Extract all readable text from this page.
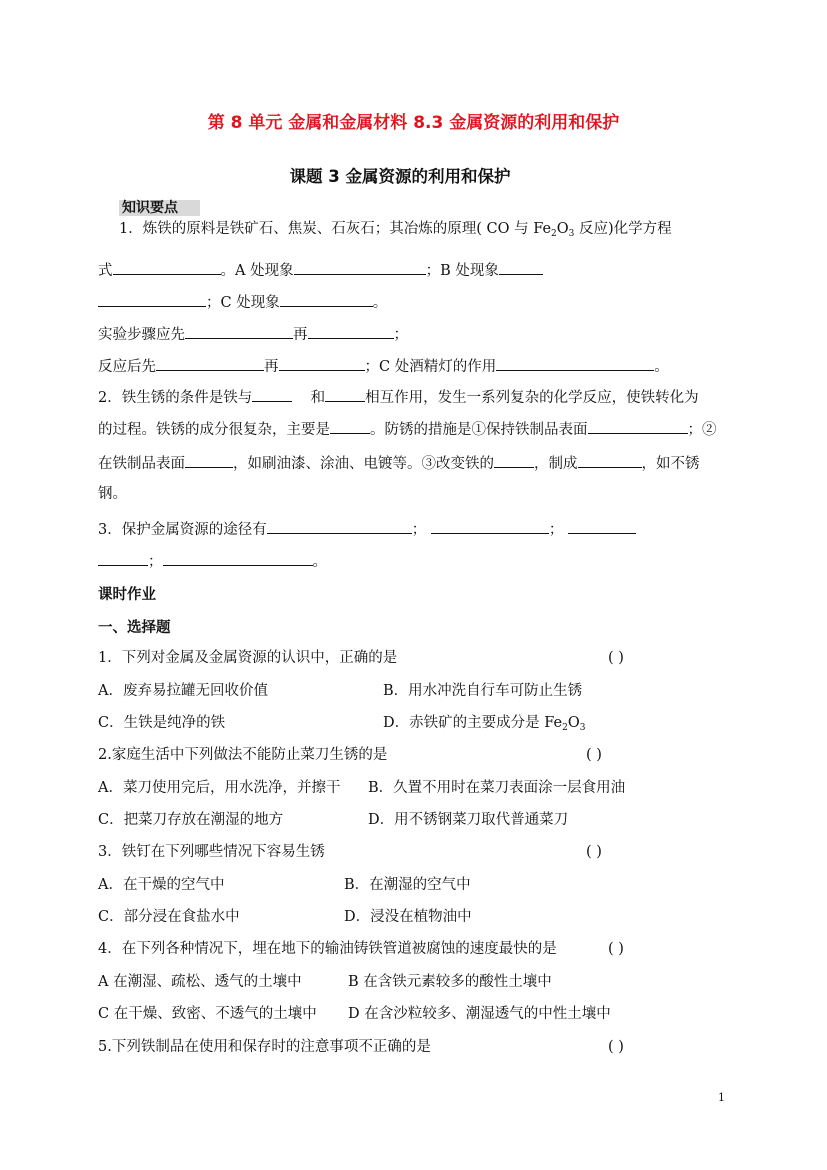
第 8 单元 金属和金属材料 8.3 金属资源的利用和保护
课题 3 金属资源的利用和保护
知识要点
1．炼铁的原料是铁矿石、焦炭、石灰石；其冶炼的原理( CO 与 $Fe_2O_3$ 反应)化学方程
式	。A 处现象	；B 处现象
；C 处现象	。
实验步骤应先	再	；
反应后先	再	；C 处酒精灯的作用	。
2．铁生锈的条件是铁与	和	相互作用，发生一系列复杂的化学反应，使铁转化为
的过程。铁锈的成分很复杂，主要是	。防锈的措施是①保持铁制品表面	；②
在铁制品表面	，如刷油漆、涂油、电镀等。③改变铁的	，制成	，如不锈
钢。
3．保护金属资源的途径有	；	；
；	。
课时作业
一、选择题
1．下列对金属及金属资源的认识中，正确的是	( )
A．废弃易拉罐无回收价值	B．用水冲洗自行车可防止生锈
C．生铁是纯净的铁	D．赤铁矿的主要成分是 $Fe_2O_3$
2.家庭生活中下列做法不能防止菜刀生锈的是	( )
A．菜刀使用完后，用水洗净，并擦干 B．久置不用时在菜刀表面涂一层食用油
C．把菜刀存放在潮湿的地方	D．用不锈钢菜刀取代普通菜刀
3．铁钉在下列哪些情况下容易生锈	( )
A．在干燥的空气中	B．在潮湿的空气中
C．部分浸在食盐水中	D．浸没在植物油中
4．在下列各种情况下，埋在地下的输油铸铁管道被腐蚀的速度最快的是	( )
A 在潮湿、疏松、透气的土壤中	B 在含铁元素较多的酸性土壤中
C 在干燥、致密、不透气的土壤中 D 在含沙粒较多、潮湿透气的中性土壤中
5.下列铁制品在使用和保存时的注意事项不正确的是	( )
1
